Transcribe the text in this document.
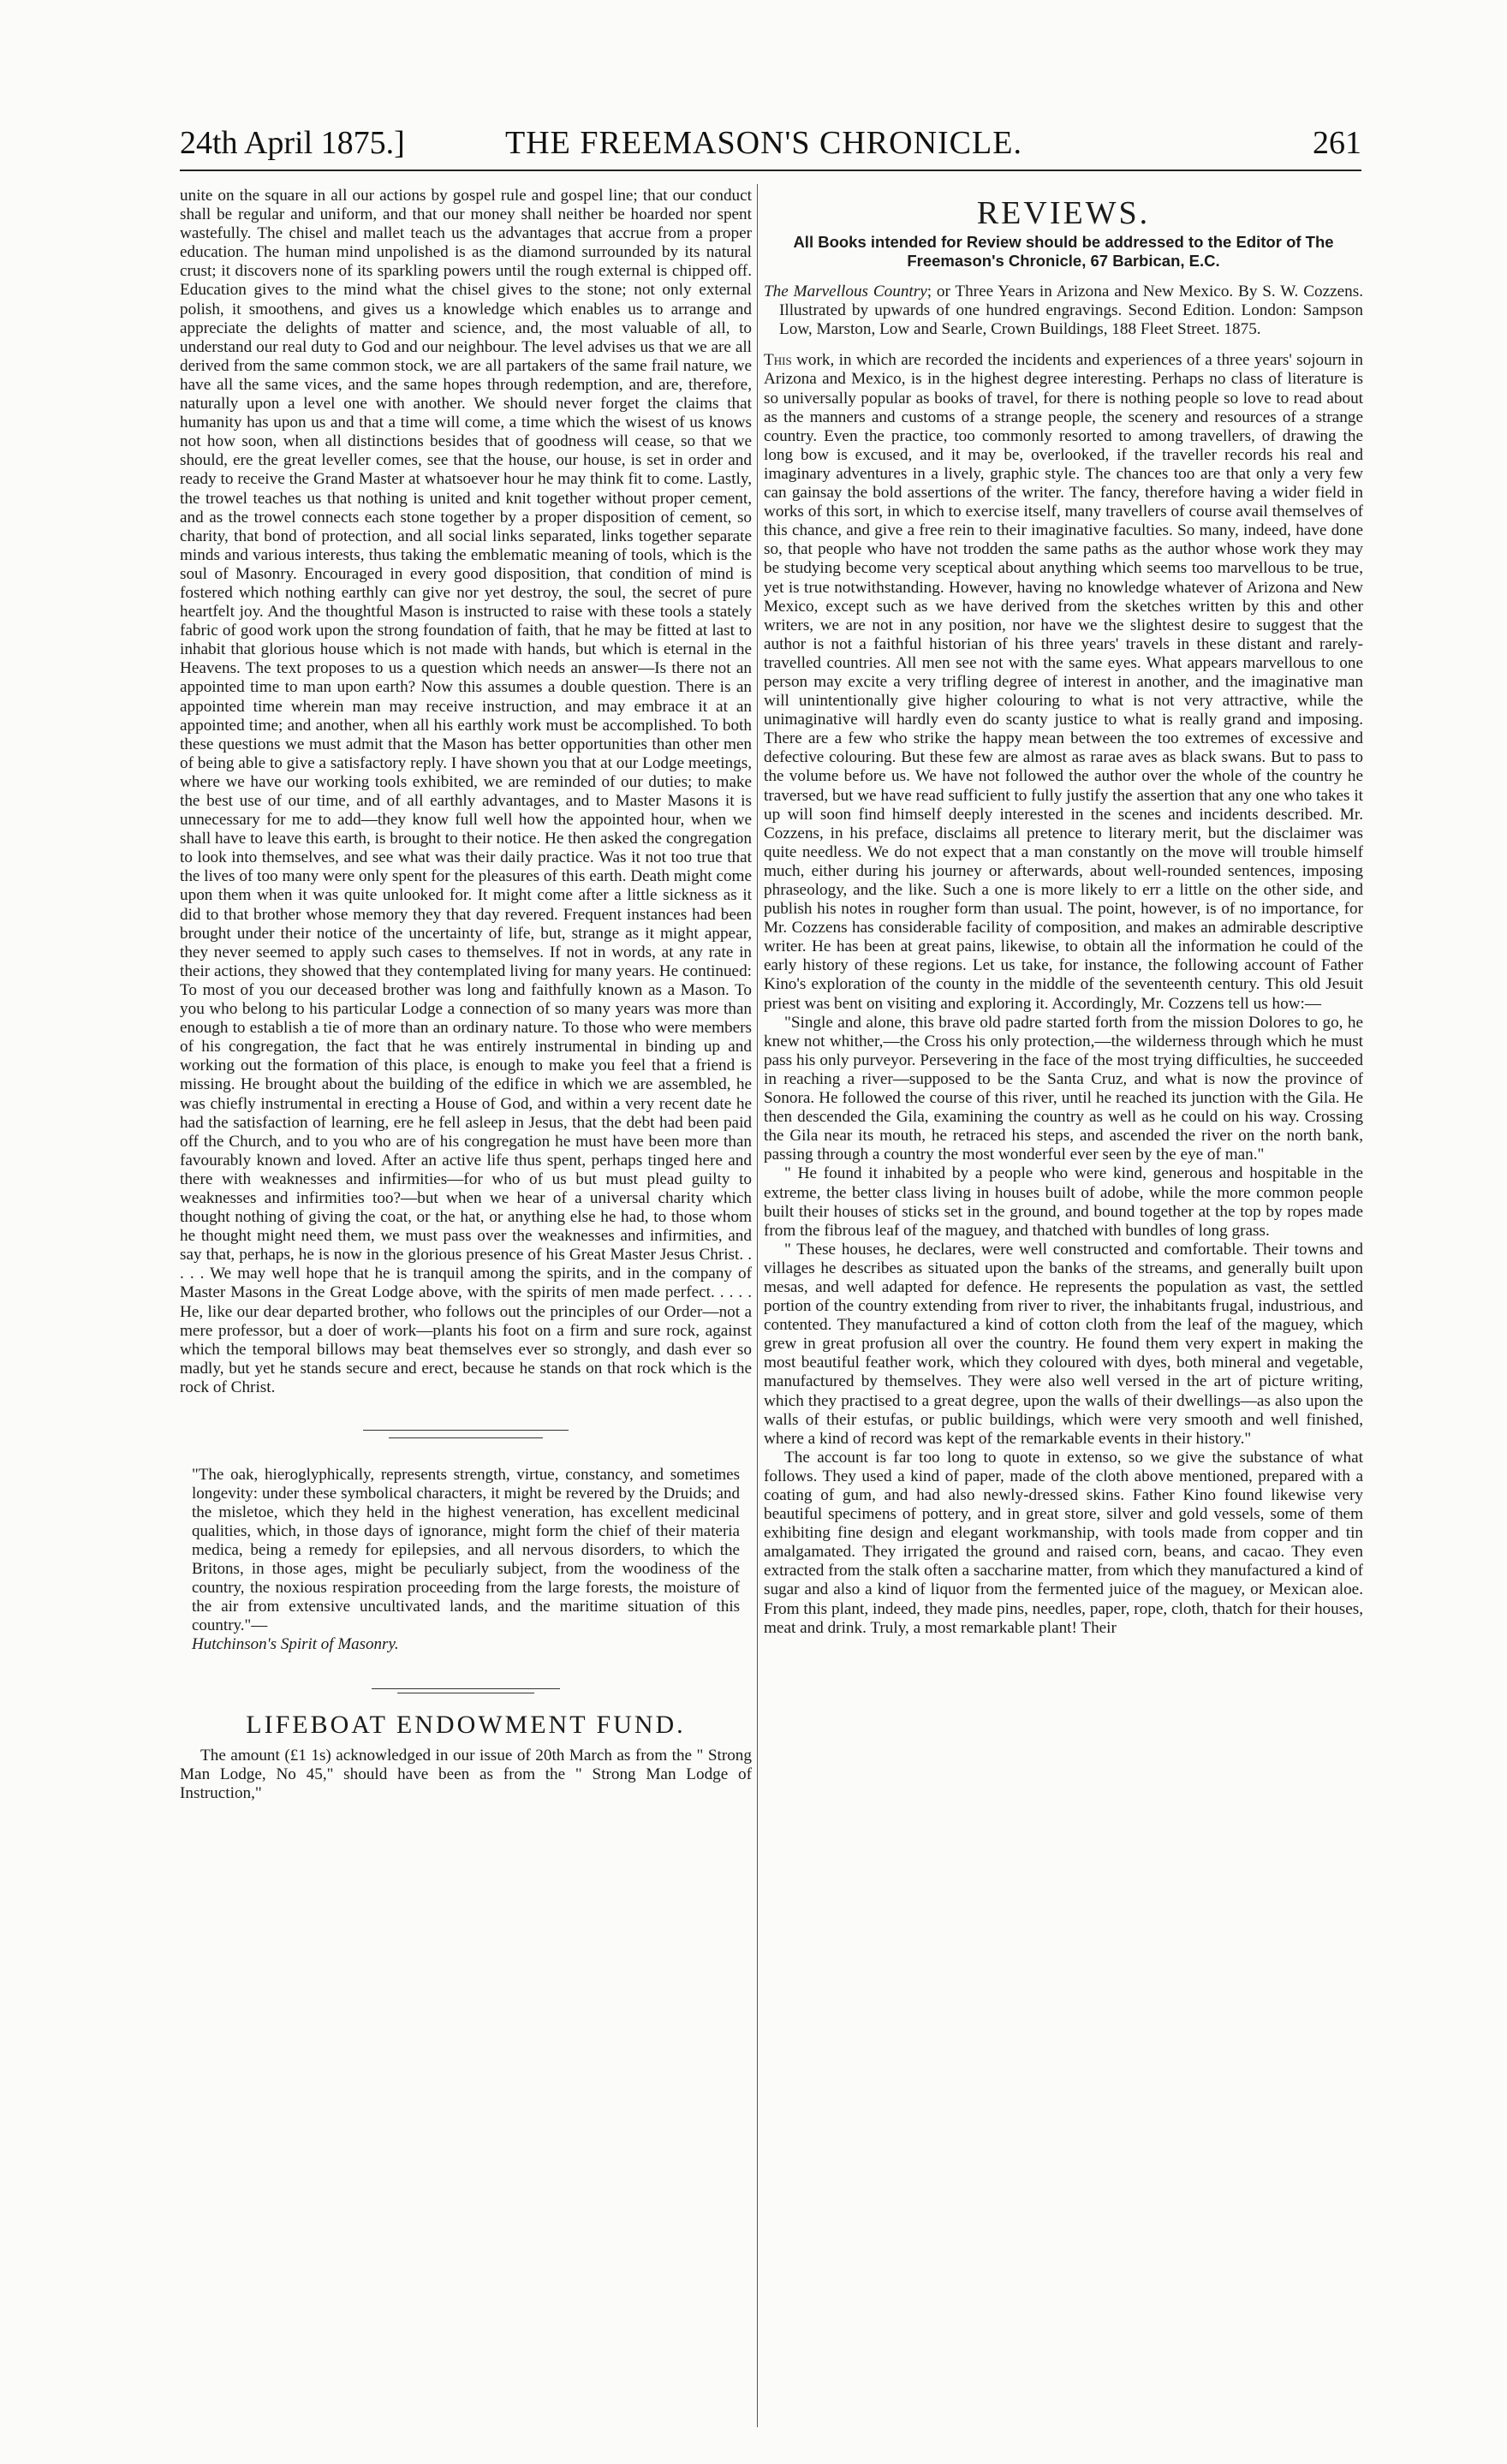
24th April 1875.]	THE FREEMASON'S CHRONICLE.	261

unite on the square in all our actions by gospel rule and gospel line; that our conduct shall be regular and uniform, and that our money shall neither be hoarded nor spent wastefully. The chisel and mallet teach us the advantages that accrue from a proper education. The human mind unpolished is as the diamond surrounded by its natural crust; it discovers none of its sparkling powers until the rough external is chipped off. Education gives to the mind what the chisel gives to the stone; not only external polish, it smoothens, and gives us a knowledge which enables us to arrange and appreciate the delights of matter and science, and, the most valuable of all, to understand our real duty to God and our neighbour. The level advises us that we are all derived from the same common stock, we are all partakers of the same frail nature, we have all the same vices, and the same hopes through redemption, and are, therefore, naturally upon a level one with another. We should never forget the claims that humanity has upon us and that a time will come, a time which the wisest of us knows not how soon, when all distinctions besides that of goodness will cease, so that we should, ere the great leveller comes, see that the house, our house, is set in order and ready to receive the Grand Master at whatsoever hour he may think fit to come. Lastly, the trowel teaches us that nothing is united and knit together without proper cement, and as the trowel connects each stone together by a proper disposition of cement, so charity, that bond of protection, and all social links separated, links together separate minds and various interests, thus taking the emblematic meaning of tools, which is the soul of Masonry. Encouraged in every good disposition, that condition of mind is fostered which nothing earthly can give nor yet destroy, the soul, the secret of pure heartfelt joy. And the thoughtful Mason is instructed to raise with these tools a stately fabric of good work upon the strong foundation of faith, that he may be fitted at last to inhabit that glorious house which is not made with hands, but which is eternal in the Heavens. The text proposes to us a question which needs an answer—Is there not an appointed time to man upon earth? Now this assumes a double question. There is an appointed time wherein man may receive instruction, and may embrace it at an appointed time; and another, when all his earthly work must be accomplished. To both these questions we must admit that the Mason has better opportunities than other men of being able to give a satisfactory reply. I have shown you that at our Lodge meetings, where we have our working tools exhibited, we are reminded of our duties; to make the best use of our time, and of all earthly advantages, and to Master Masons it is unnecessary for me to add—they know full well how the appointed hour, when we shall have to leave this earth, is brought to their notice. He then asked the congregation to look into themselves, and see what was their daily practice. Was it not too true that the lives of too many were only spent for the pleasures of this earth. Death might come upon them when it was quite unlooked for. It might come after a little sickness as it did to that brother whose memory they that day revered. Frequent instances had been brought under their notice of the uncertainty of life, but, strange as it might appear, they never seemed to apply such cases to themselves. If not in words, at any rate in their actions, they showed that they contemplated living for many years. He continued: To most of you our deceased brother was long and faithfully known as a Mason. To you who belong to his particular Lodge a connection of so many years was more than enough to establish a tie of more than an ordinary nature. To those who were members of his congregation, the fact that he was entirely instrumental in binding up and working out the formation of this place, is enough to make you feel that a friend is missing. He brought about the building of the edifice in which we are assembled, he was chiefly instrumental in erecting a House of God, and within a very recent date he had the satisfaction of learning, ere he fell asleep in Jesus, that the debt had been paid off the Church, and to you who are of his congregation he must have been more than favourably known and loved. After an active life thus spent, perhaps tinged here and there with weaknesses and infirmities—for who of us but must plead guilty to weaknesses and infirmities too?—but when we hear of a universal charity which thought nothing of giving the coat, or the hat, or anything else he had, to those whom he thought might need them, we must pass over the weaknesses and infirmities, and say that, perhaps, he is now in the glorious presence of his Great Master Jesus Christ. . . . . We may well hope that he is tranquil among the spirits, and in the company of Master Masons in the Great Lodge above, with the spirits of men made perfect. . . . . He, like our dear departed brother, who follows out the principles of our Order—not a mere professor, but a doer of work—plants his foot on a firm and sure rock, against which the temporal billows may beat themselves ever so strongly, and dash ever so madly, but yet he stands secure and erect, because he stands on that rock which is the rock of Christ.

"The oak, hieroglyphically, represents strength, virtue, constancy, and sometimes longevity: under these symbolical characters, it might be revered by the Druids; and the misletoe, which they held in the highest veneration, has excellent medicinal qualities, which, in those days of ignorance, might form the chief of their materia medica, being a remedy for epilepsies, and all nervous disorders, to which the Britons, in those ages, might be peculiarly subject, from the woodiness of the country, the noxious respiration proceeding from the large forests, the moisture of the air from extensive uncultivated lands, and the maritime situation of this country."—
Hutchinson's Spirit of Masonry.
LIFEBOAT ENDOWMENT FUND.

The amount (£1 1s) acknowledged in our issue of 20th March as from the " Strong Man Lodge, No 45," should have been as from the " Strong Man Lodge of Instruction,"

REVIEWS.
All Books intended for Review should be addressed to the Editor of The Freemason's Chronicle, 67 Barbican, E.C.

The Marvellous Country; or Three Years in Arizona and New Mexico. By S. W. Cozzens. Illustrated by upwards of one hundred engravings. Second Edition. London: Sampson Low, Marston, Low and Searle, Crown Buildings, 188 Fleet Street. 1875.

This work, in which are recorded the incidents and experiences of a three years' sojourn in Arizona and Mexico, is in the highest degree interesting. Perhaps no class of literature is so universally popular as books of travel, for there is nothing people so love to read about as the manners and customs of a strange people, the scenery and resources of a strange country. Even the practice, too commonly resorted to among travellers, of drawing the long bow is excused, and it may be, overlooked, if the traveller records his real and imaginary adventures in a lively, graphic style. The chances too are that only a very few can gainsay the bold assertions of the writer. The fancy, therefore having a wider field in works of this sort, in which to exercise itself, many travellers of course avail themselves of this chance, and give a free rein to their imaginative faculties. So many, indeed, have done so, that people who have not trodden the same paths as the author whose work they may be studying become very sceptical about anything which seems too marvellous to be true, yet is true notwithstanding. However, having no knowledge whatever of Arizona and New Mexico, except such as we have derived from the sketches written by this and other writers, we are not in any position, nor have we the slightest desire to suggest that the author is not a faithful historian of his three years' travels in these distant and rarely-travelled countries. All men see not with the same eyes. What appears marvellous to one person may excite a very trifling degree of interest in another, and the imaginative man will unintentionally give higher colouring to what is not very attractive, while the unimaginative will hardly even do scanty justice to what is really grand and imposing. There are a few who strike the happy mean between the too extremes of excessive and defective colouring. But these few are almost as rarae aves as black swans. But to pass to the volume before us. We have not followed the author over the whole of the country he traversed, but we have read sufficient to fully justify the assertion that any one who takes it up will soon find himself deeply interested in the scenes and incidents described. Mr. Cozzens, in his preface, disclaims all pretence to literary merit, but the disclaimer was quite needless. We do not expect that a man constantly on the move will trouble himself much, either during his journey or afterwards, about well-rounded sentences, imposing phraseology, and the like. Such a one is more likely to err a little on the other side, and publish his notes in rougher form than usual. The point, however, is of no importance, for Mr. Cozzens has considerable facility of composition, and makes an admirable descriptive writer. He has been at great pains, likewise, to obtain all the information he could of the early history of these regions. Let us take, for instance, the following account of Father Kino's exploration of the county in the middle of the seventeenth century. This old Jesuit priest was bent on visiting and exploring it. Accordingly, Mr. Cozzens tell us how:—

"Single and alone, this brave old padre started forth from the mission Dolores to go, he knew not whither,—the Cross his only protection,—the wilderness through which he must pass his only purveyor. Persevering in the face of the most trying difficulties, he succeeded in reaching a river—supposed to be the Santa Cruz, and what is now the province of Sonora. He followed the course of this river, until he reached its junction with the Gila. He then descended the Gila, examining the country as well as he could on his way. Crossing the Gila near its mouth, he retraced his steps, and ascended the river on the north bank, passing through a country the most wonderful ever seen by the eye of man."

" He found it inhabited by a people who were kind, generous and hospitable in the extreme, the better class living in houses built of adobe, while the more common people built their houses of sticks set in the ground, and bound together at the top by ropes made from the fibrous leaf of the maguey, and thatched with bundles of long grass.

" These houses, he declares, were well constructed and comfortable. Their towns and villages he describes as situated upon the banks of the streams, and generally built upon mesas, and well adapted for defence. He represents the population as vast, the settled portion of the country extending from river to river, the inhabitants frugal, industrious, and contented. They manufactured a kind of cotton cloth from the leaf of the maguey, which grew in great profusion all over the country. He found them very expert in making the most beautiful feather work, which they coloured with dyes, both mineral and vegetable, manufactured by themselves. They were also well versed in the art of picture writing, which they practised to a great degree, upon the walls of their dwellings—as also upon the walls of their estufas, or public buildings, which were very smooth and well finished, where a kind of record was kept of the remarkable events in their history."

The account is far too long to quote in extenso, so we give the substance of what follows. They used a kind of paper, made of the cloth above mentioned, prepared with a coating of gum, and had also newly-dressed skins. Father Kino found likewise very beautiful specimens of pottery, and in great store, silver and gold vessels, some of them exhibiting fine design and elegant workmanship, with tools made from copper and tin amalgamated. They irrigated the ground and raised corn, beans, and cacao. They even extracted from the stalk often a saccharine matter, from which they manufactured a kind of sugar and also a kind of liquor from the fermented juice of the maguey, or Mexican aloe. From this plant, indeed, they made pins, needles, paper, rope, cloth, thatch for their houses, meat and drink. Truly, a most remarkable plant! Their
